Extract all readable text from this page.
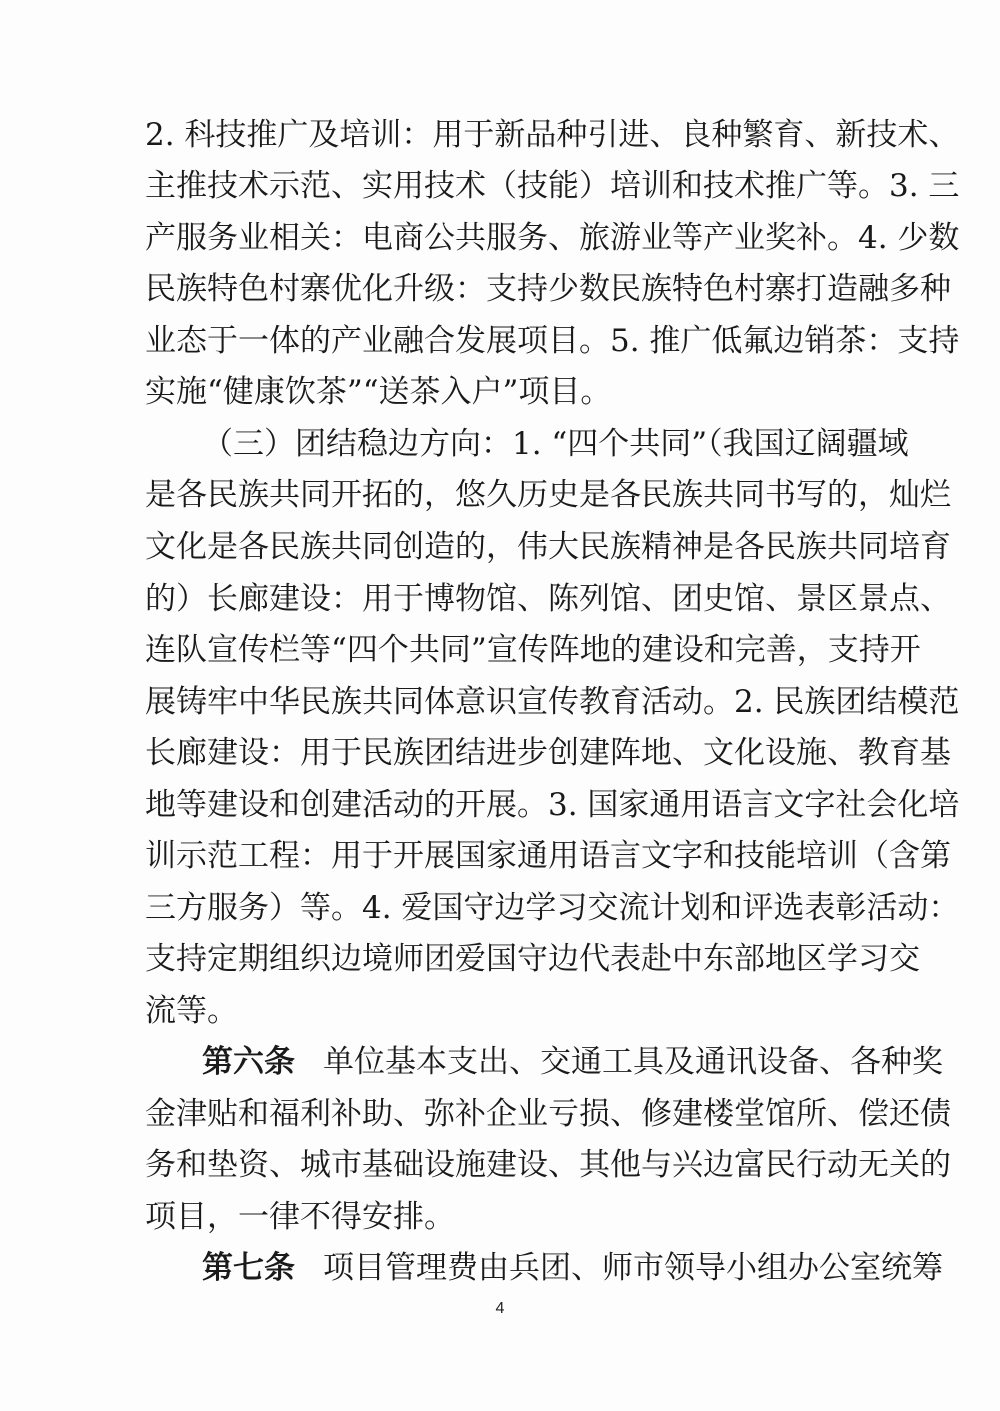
2. 科技推广及培训：用于新品种引进、良种繁育、新技术、
主推技术示范、实用技术（技能）培训和技术推广等。3. 三
产服务业相关：电商公共服务、旅游业等产业奖补。4. 少数
民族特色村寨优化升级：支持少数民族特色村寨打造融多种
业态于一体的产业融合发展项目。5. 推广低氟边销茶：支持
实施“健康饮茶”“送茶入户”项目。
（三）团结稳边方向：1. “四个共同”（我国辽阔疆域
是各民族共同开拓的，悠久历史是各民族共同书写的，灿烂
文化是各民族共同创造的，伟大民族精神是各民族共同培育
的）长廊建设：用于博物馆、陈列馆、团史馆、景区景点、
连队宣传栏等“四个共同”宣传阵地的建设和完善，支持开
展铸牢中华民族共同体意识宣传教育活动。2. 民族团结模范
长廊建设：用于民族团结进步创建阵地、文化设施、教育基
地等建设和创建活动的开展。3. 国家通用语言文字社会化培
训示范工程：用于开展国家通用语言文字和技能培训（含第
三方服务）等。4. 爱国守边学习交流计划和评选表彰活动：
支持定期组织边境师团爱国守边代表赴中东部地区学习交
流等。
第六条 单位基本支出、交通工具及通讯设备、各种奖
金津贴和福利补助、弥补企业亏损、修建楼堂馆所、偿还债
务和垫资、城市基础设施建设、其他与兴边富民行动无关的
项目，一律不得安排。
第七条 项目管理费由兵团、师市领导小组办公室统筹
4
